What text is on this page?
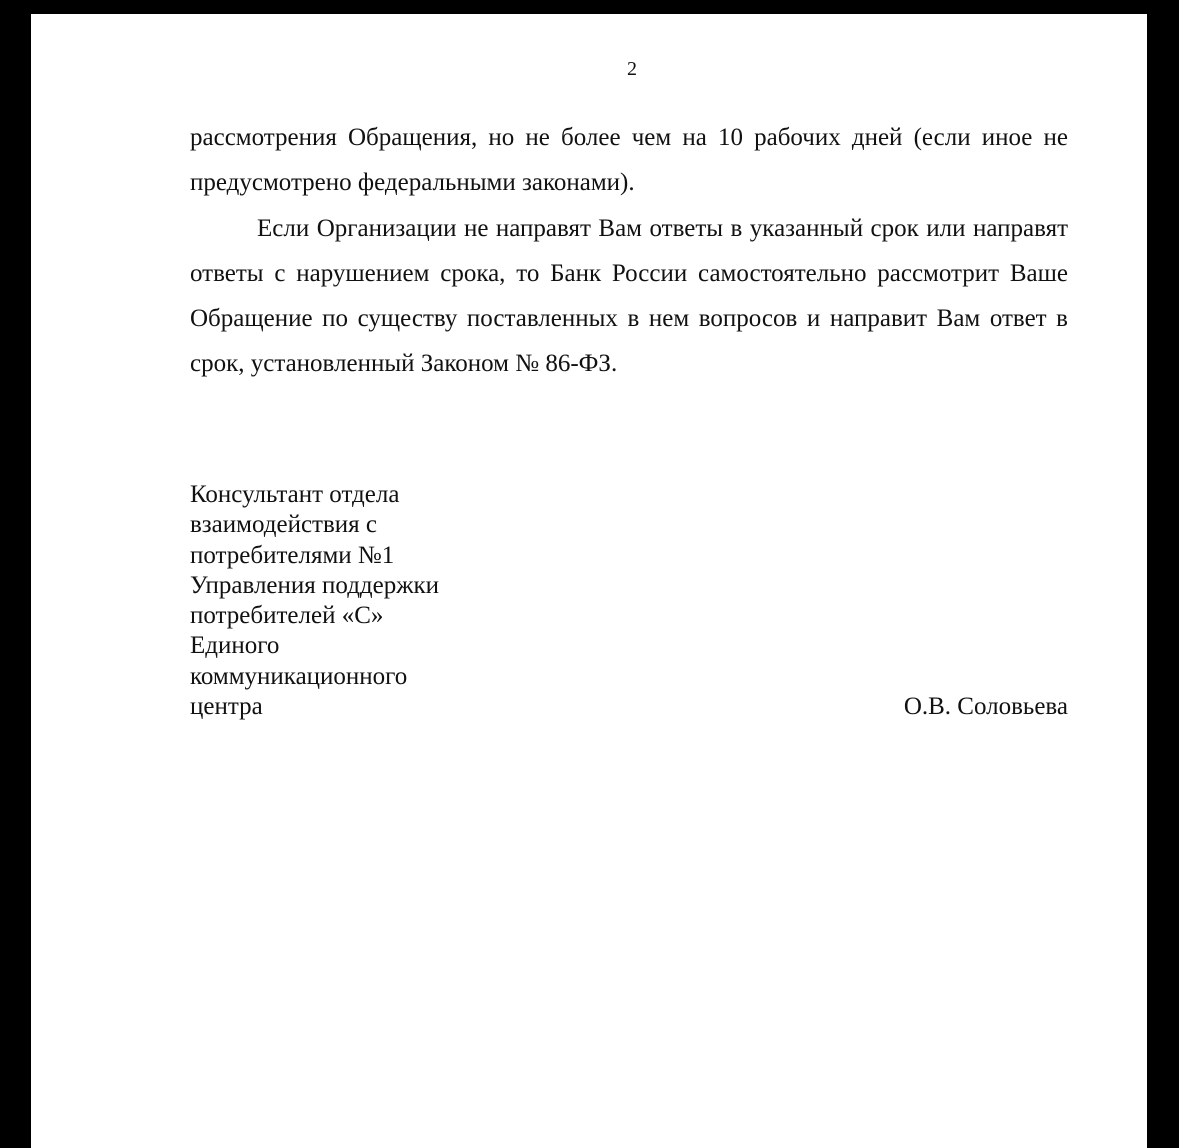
2

рассмотрения Обращения, но не более чем на 10 рабочих дней (если иное не предусмотрено федеральными законами).

Если Организации не направят Вам ответы в указанный срок или направят ответы с нарушением срока, то Банк России самостоятельно рассмотрит Ваше Обращение по существу поставленных в нем вопросов и направит Вам ответ в срок, установленный Законом № 86-ФЗ.

Консультант отдела
взаимодействия с
потребителями №1
Управления поддержки
потребителей «С»
Единого
коммуникационного
центра	О.В. Соловьева
